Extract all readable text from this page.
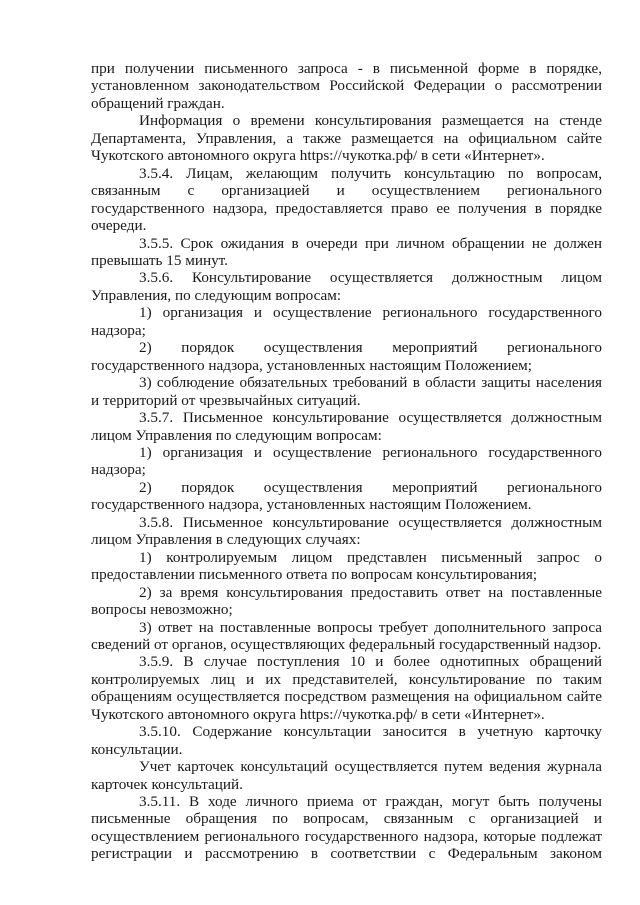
при получении письменного запроса - в письменной форме в порядке, установленном законодательством Российской Федерации о рассмотрении обращений граждан.

Информация о времени консультирования размещается на стенде Департамента, Управления, а также размещается на официальном сайте Чукотского автономного округа https://чукотка.рф/ в сети «Интернет».

3.5.4. Лицам, желающим получить консультацию по вопросам, связанным с организацией и осуществлением регионального государственного надзора, предоставляется право ее получения в порядке очереди.

3.5.5. Срок ожидания в очереди при личном обращении не должен превышать 15 минут.

3.5.6. Консультирование осуществляется должностным лицом Управления, по следующим вопросам:

1) организация и осуществление регионального государственного надзора;

2) порядок осуществления мероприятий регионального государственного надзора, установленных настоящим Положением;

3) соблюдение обязательных требований в области защиты населения и территорий от чрезвычайных ситуаций.

3.5.7. Письменное консультирование осуществляется должностным лицом Управления по следующим вопросам:

1) организация и осуществление регионального государственного надзора;

2) порядок осуществления мероприятий регионального государственного надзора, установленных настоящим Положением.

3.5.8. Письменное консультирование осуществляется должностным лицом Управления в следующих случаях:

1) контролируемым лицом представлен письменный запрос о предоставлении письменного ответа по вопросам консультирования;

2) за время консультирования предоставить ответ на поставленные вопросы невозможно;

3) ответ на поставленные вопросы требует дополнительного запроса сведений от органов, осуществляющих федеральный государственный надзор.

3.5.9. В случае поступления 10 и более однотипных обращений контролируемых лиц и их представителей, консультирование по таким обращениям осуществляется посредством размещения на официальном сайте Чукотского автономного округа https://чукотка.рф/ в сети «Интернет».

3.5.10. Содержание консультации заносится в учетную карточку консультации.

Учет карточек консультаций осуществляется путем ведения журнала карточек консультаций.

3.5.11. В ходе личного приема от граждан, могут быть получены письменные обращения по вопросам, связанным с организацией и осуществлением регионального государственного надзора, которые подлежат регистрации и рассмотрению в соответствии с Федеральным законом
